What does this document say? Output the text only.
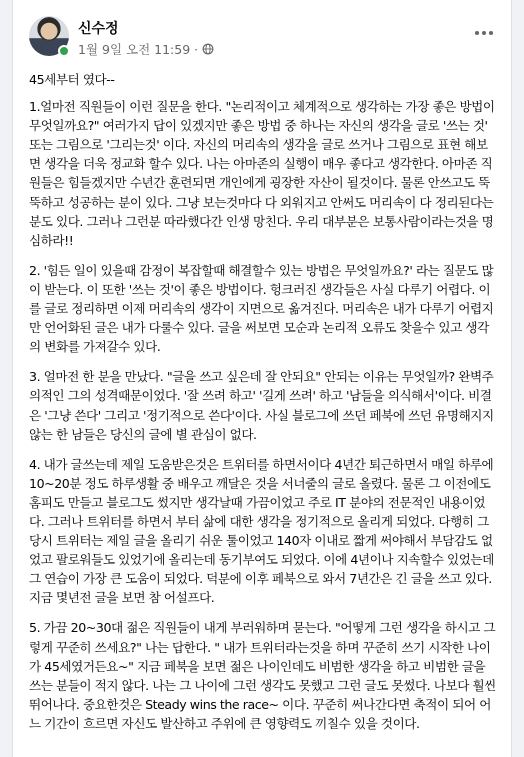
신수정
1월 9일 오전 11:59 ·

45세부터 였다--

1.얼마전 직원들이 이런 질문을 한다. "논리적이고 체계적으로 생각하는 가장 좋은 방법이 무엇일까요?" 여러가지 답이 있겠지만 좋은 방법 중 하나는 자신의 생각을 글로 '쓰는 것' 또는 그림으로 '그리는것' 이다. 자신의 머리속의 생각을 글로 쓰거나 그림으로 표현 해보면 생각을 더욱 정교화 할수 있다. 나는 아마존의 실행이 매우 좋다고 생각한다. 아마존 직원들은 힘들겠지만 수년간 훈련되면 개인에게 굉장한 자산이 될것이다. 물론 안쓰고도 뚝뚝하고 성공하는 분이 있다. 그냥 보는것마다 다 외워지고 안써도 머리속이 다 정리된다는 분도 있다. 그러나 그런분 따라했다간 인생 망친다. 우리 대부분은 보통사람이라는것을 명심하라!!

2. '힘든 일이 있을때 감정이 복잡할때 해결할수 있는 방법은 무엇일까요?' 라는 질문도 많이 받는다. 이 또한 '쓰는 것'이 좋은 방법이다. 헝크러진 생각들은 사실 다루기 어렵다. 이를 글로 정리하면 이제 머리속의 생각이 지면으로 옮겨진다. 머리속은 내가 다루기 어렵지만 언어화된 글은 내가 다룰수 있다. 글을 써보면 모순과 논리적 오류도 찾을수 있고 생각의 변화를 가져갈수 있다.

3. 얼마전 한 분을 만났다. "글을 쓰고 싶은데 잘 안되요" 안되는 이유는 무엇일까? 완벽주의적인 그의 성격때문이었다. '잘 쓰려 하고' '길게 쓰려' 하고 '남들을 의식해서'이다. 비결은 '그냥 쓴다' 그리고 '정기적으로 쓴다'이다. 사실 블로그에 쓰던 페북에 쓰던 유명해지지 않는 한 남들은 당신의 글에 별 관심이 없다.

4. 내가 글쓰는데 제일 도움받은것은 트위터를 하면서이다 4년간 퇴근하면서 매일 하루에 10~20분 정도 하루생활 중 배우고 깨달은 것을 서너줄의 글로 올렸다. 물론 그 이전에도 홈피도 만들고 블로그도 썼지만 생각날때 가끔이었고 주로 IT 분야의 전문적인 내용이었다. 그러나 트위터를 하면서 부터 삶에 대한 생각을 정기적으로 올리게 되었다. 다행히 그당시 트위터는 제일 글을 올리기 쉬운 툴이었고 140자 이내로 짧게 써야해서 부담감도 없었고 팔로워들도 있었기에 올리는데 동기부여도 되었다. 이에 4년이나 지속할수 있었는데 그 연습이 가장 큰 도움이 되었다. 덕분에 이후 페북으로 와서 7년간은 긴 글을 쓰고 있다. 지금 몇년전 글을 보면 참 어설프다.

5. 가끔 20~30대 젊은 직원들이 내게 부러워하며 묻는다. "어떻게 그런 생각을 하시고 그렇게 꾸준히 쓰세요?" 나는 답한다. " 내가 트위터라는것을 하며 꾸준히 쓰기 시작한 나이가 45세였거든요~" 지금 페북을 보면 젊은 나이인데도 비범한 생각을 하고 비범한 글을 쓰는 분들이 적지 않다. 나는 그 나이에 그런 생각도 못했고 그런 글도 못썼다. 나보다 훨씬 뛰어나다. 중요한것은 Steady wins the race~ 이다. 꾸준히 써나간다면 축적이 되어 어느 기간이 흐르면 자신도 발산하고 주위에 큰 영향력도 끼칠수 있을 것이다.
